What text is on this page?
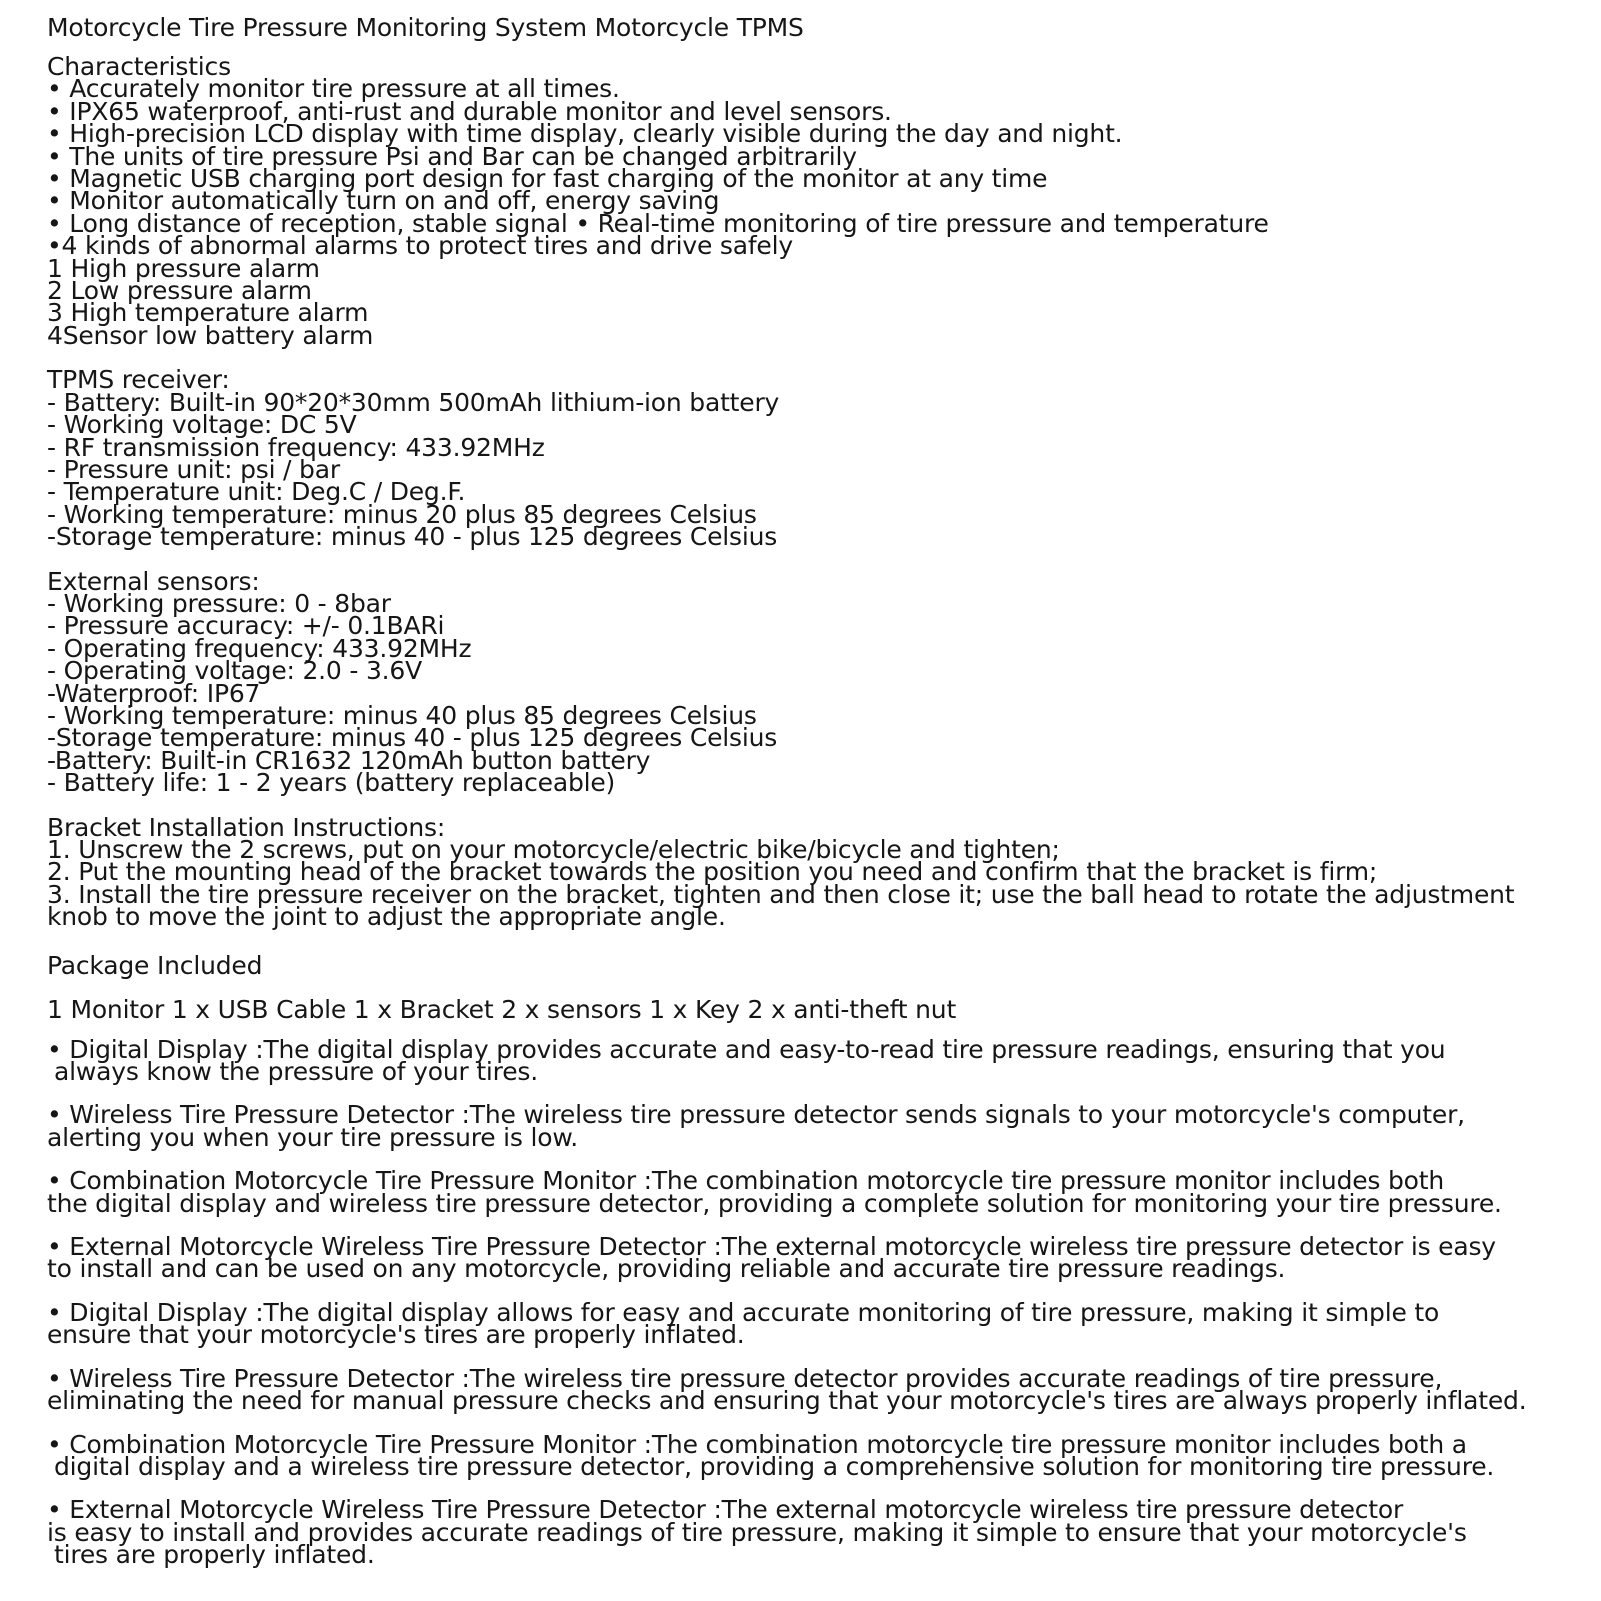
Motorcycle Tire Pressure Monitoring System Motorcycle TPMS
Characteristics
• Accurately monitor tire pressure at all times.
• IPX65 waterproof, anti-rust and durable monitor and level sensors.
• High-precision LCD display with time display, clearly visible during the day and night.
• The units of tire pressure Psi and Bar can be changed arbitrarily
• Magnetic USB charging port design for fast charging of the monitor at any time
• Monitor automatically turn on and off, energy saving
• Long distance of reception, stable signal • Real-time monitoring of tire pressure and temperature
•4 kinds of abnormal alarms to protect tires and drive safely
1 High pressure alarm
2 Low pressure alarm
3 High temperature alarm
4Sensor low battery alarm
TPMS receiver:
- Battery: Built-in 90*20*30mm 500mAh lithium-ion battery
- Working voltage: DC 5V
- RF transmission frequency: 433.92MHz
- Pressure unit: psi / bar
- Temperature unit: Deg.C / Deg.F.
- Working temperature: minus 20 plus 85 degrees Celsius
-Storage temperature: minus 40 - plus 125 degrees Celsius
External sensors:
- Working pressure: 0 - 8bar
- Pressure accuracy: +/- 0.1BARi
- Operating frequency: 433.92MHz
- Operating voltage: 2.0 - 3.6V
-Waterproof: IP67
- Working temperature: minus 40 plus 85 degrees Celsius
-Storage temperature: minus 40 - plus 125 degrees Celsius
-Battery: Built-in CR1632 120mAh button battery
- Battery life: 1 - 2 years (battery replaceable)
Bracket Installation Instructions:
1. Unscrew the 2 screws, put on your motorcycle/electric bike/bicycle and tighten;
2. Put the mounting head of the bracket towards the position you need and confirm that the bracket is firm;
3. Install the tire pressure receiver on the bracket, tighten and then close it; use the ball head to rotate the adjustment
knob to move the joint to adjust the appropriate angle.
Package Included
1 Monitor 1 x USB Cable 1 x Bracket 2 x sensors 1 x Key 2 x anti-theft nut
• Digital Display :The digital display provides accurate and easy-to-read tire pressure readings, ensuring that you
always know the pressure of your tires.
• Wireless Tire Pressure Detector :The wireless tire pressure detector sends signals to your motorcycle's computer,
alerting you when your tire pressure is low.
• Combination Motorcycle Tire Pressure Monitor :The combination motorcycle tire pressure monitor includes both
the digital display and wireless tire pressure detector, providing a complete solution for monitoring your tire pressure.
• External Motorcycle Wireless Tire Pressure Detector :The external motorcycle wireless tire pressure detector is easy
to install and can be used on any motorcycle, providing reliable and accurate tire pressure readings.
• Digital Display :The digital display allows for easy and accurate monitoring of tire pressure, making it simple to
ensure that your motorcycle's tires are properly inflated.
• Wireless Tire Pressure Detector :The wireless tire pressure detector provides accurate readings of tire pressure,
eliminating the need for manual pressure checks and ensuring that your motorcycle's tires are always properly inflated.
• Combination Motorcycle Tire Pressure Monitor :The combination motorcycle tire pressure monitor includes both a
digital display and a wireless tire pressure detector, providing a comprehensive solution for monitoring tire pressure.
• External Motorcycle Wireless Tire Pressure Detector :The external motorcycle wireless tire pressure detector
is easy to install and provides accurate readings of tire pressure, making it simple to ensure that your motorcycle's
tires are properly inflated.
